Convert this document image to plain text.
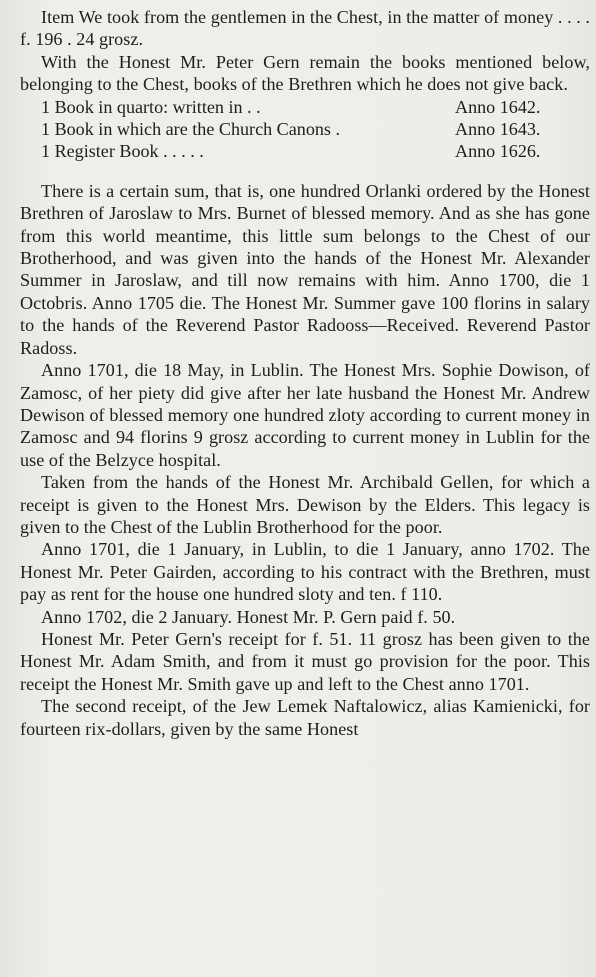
Item We took from the gentlemen in the Chest, in the matter of money . . . . f. 196 . 24 grosz.

With the Honest Mr. Peter Gern remain the books mentioned below, belonging to the Chest, books of the Brethren which he does not give back.

1 Book in quarto: written in . .	Anno 1642.
1 Book in which are the Church Canons .	Anno 1643.
1 Register Book . . . . .	Anno 1626.

There is a certain sum, that is, one hundred Orlanki ordered by the Honest Brethren of Jaroslaw to Mrs. Burnet of blessed memory. And as she has gone from this world meantime, this little sum belongs to the Chest of our Brotherhood, and was given into the hands of the Honest Mr. Alexander Summer in Jaroslaw, and till now remains with him. Anno 1700, die 1 Octobris. Anno 1705 die. The Honest Mr. Summer gave 100 florins in salary to the hands of the Reverend Pastor Radooss—Received. Reverend Pastor Radoss.

Anno 1701, die 18 May, in Lublin. The Honest Mrs. Sophie Dowison, of Zamosc, of her piety did give after her late husband the Honest Mr. Andrew Dewison of blessed memory one hundred zloty according to current money in Zamosc and 94 florins 9 grosz according to current money in Lublin for the use of the Belzyce hospital.

Taken from the hands of the Honest Mr. Archibald Gellen, for which a receipt is given to the Honest Mrs. Dewison by the Elders. This legacy is given to the Chest of the Lublin Brotherhood for the poor.

Anno 1701, die 1 January, in Lublin, to die 1 January, anno 1702. The Honest Mr. Peter Gairden, according to his contract with the Brethren, must pay as rent for the house one hundred sloty and ten. f 110.

Anno 1702, die 2 January. Honest Mr. P. Gern paid f. 50.

Honest Mr. Peter Gern's receipt for f. 51. 11 grosz has been given to the Honest Mr. Adam Smith, and from it must go provision for the poor. This receipt the Honest Mr. Smith gave up and left to the Chest anno 1701.

The second receipt, of the Jew Lemek Naftalowicz, alias Kamienicki, for fourteen rix-dollars, given by the same Honest
